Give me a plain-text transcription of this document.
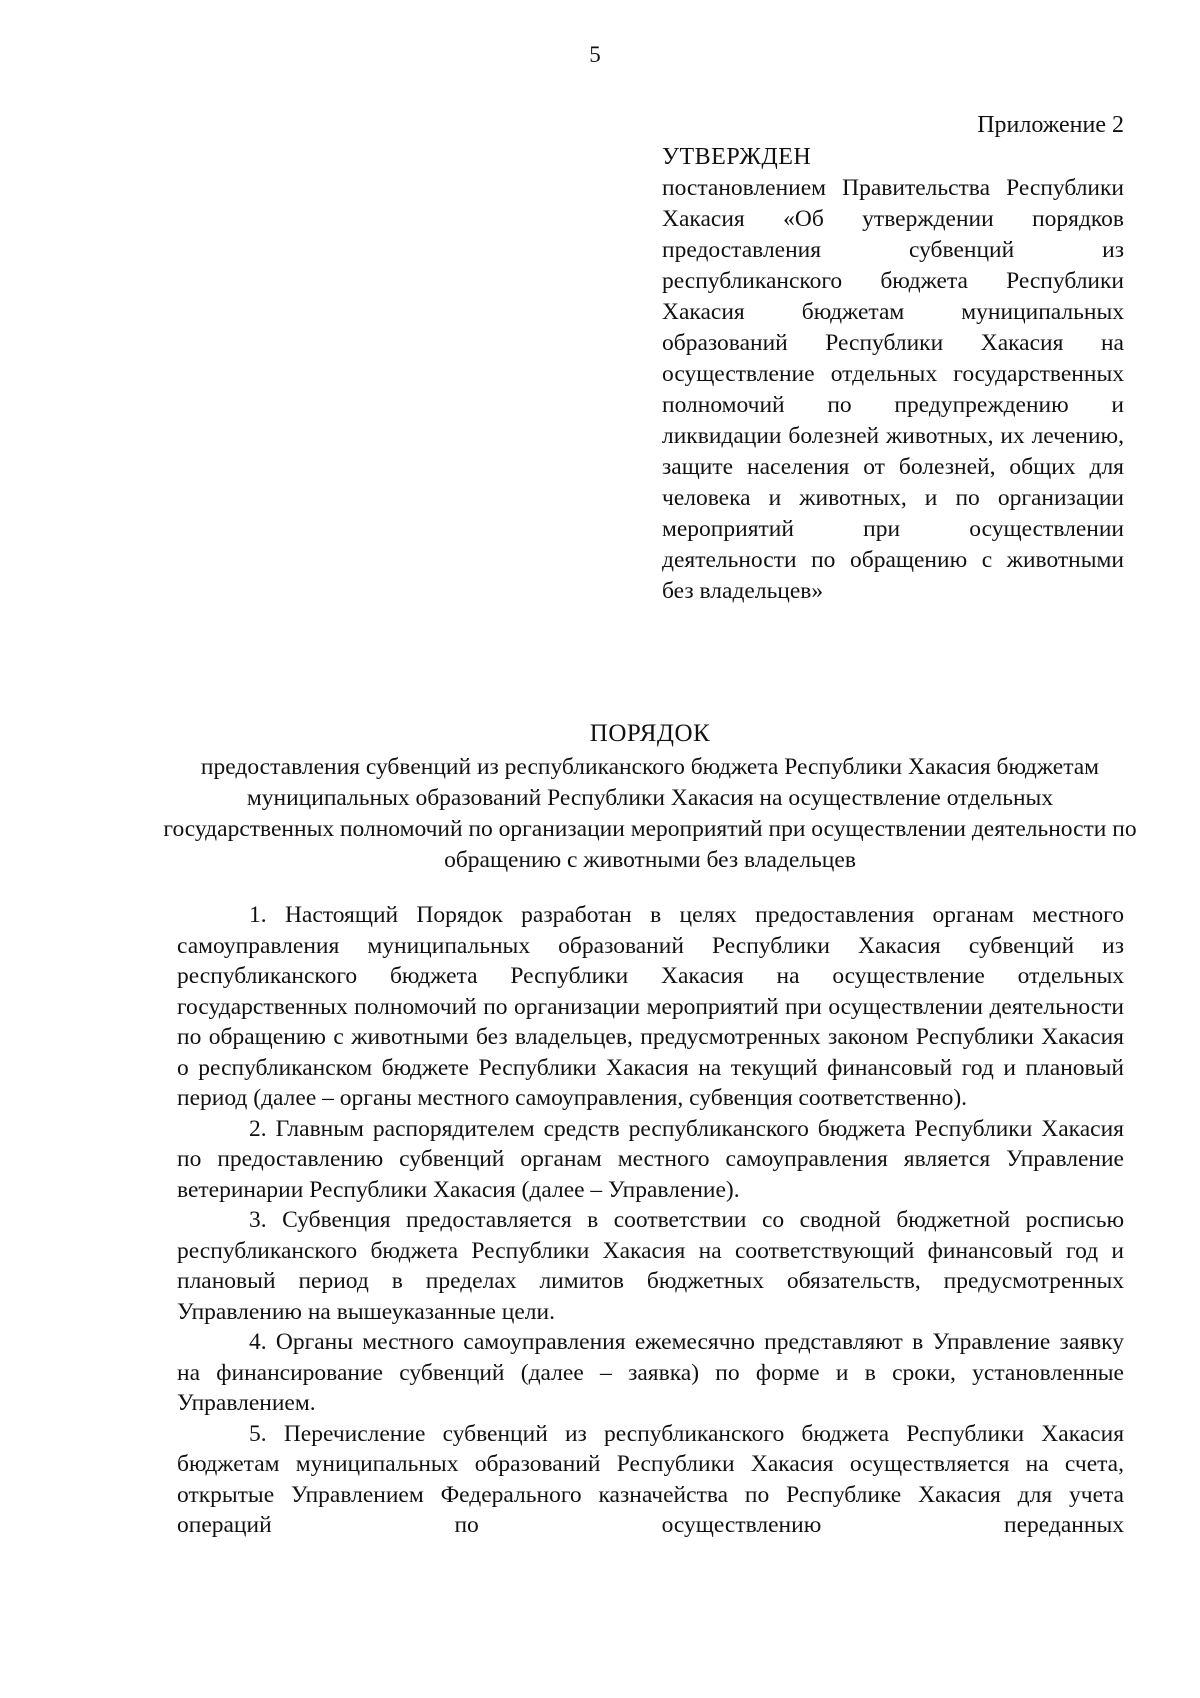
5
Приложение 2
УТВЕРЖДЕН
постановлением Правительства Республики Хакасия «Об утверждении порядков предоставления субвенций из республиканского бюджета Республики Хакасия бюджетам муниципальных образований Республики Хакасия на осуществление отдельных государственных полномочий по предупреждению и ликвидации болезней животных, их лечению, защите населения от болезней, общих для человека и животных, и по организации мероприятий при осуществлении деятельности по обращению с животными без владельцев»
ПОРЯДОК
предоставления субвенций из республиканского бюджета Республики Хакасия бюджетам муниципальных образований Республики Хакасия на осуществление отдельных государственных полномочий по организации мероприятий при осуществлении деятельности по обращению с животными без владельцев

1. Настоящий Порядок разработан в целях предоставления органам местного самоуправления муниципальных образований Республики Хакасия субвенций из республиканского бюджета Республики Хакасия на осуществление отдельных государственных полномочий по организации мероприятий при осуществлении деятельности по обращению с животными без владельцев, предусмотренных законом Республики Хакасия о республиканском бюджете Республики Хакасия на текущий финансовый год и плановый период (далее – органы местного самоуправления, субвенция соответственно).

2. Главным распорядителем средств республиканского бюджета Республики Хакасия по предоставлению субвенций органам местного самоуправления является Управление ветеринарии Республики Хакасия (далее – Управление).

3. Субвенция предоставляется в соответствии со сводной бюджетной росписью республиканского бюджета Республики Хакасия на соответствующий финансовый год и плановый период в пределах лимитов бюджетных обязательств, предусмотренных Управлению на вышеуказанные цели.

4. Органы местного самоуправления ежемесячно представляют в Управление заявку на финансирование субвенций (далее – заявка) по форме и в сроки, установленные Управлением.

5. Перечисление субвенций из республиканского бюджета Республики Хакасия бюджетам муниципальных образований Республики Хакасия осуществляется на счета, открытые Управлением Федерального казначейства по Республике Хакасия для учета операций по осуществлению переданных
